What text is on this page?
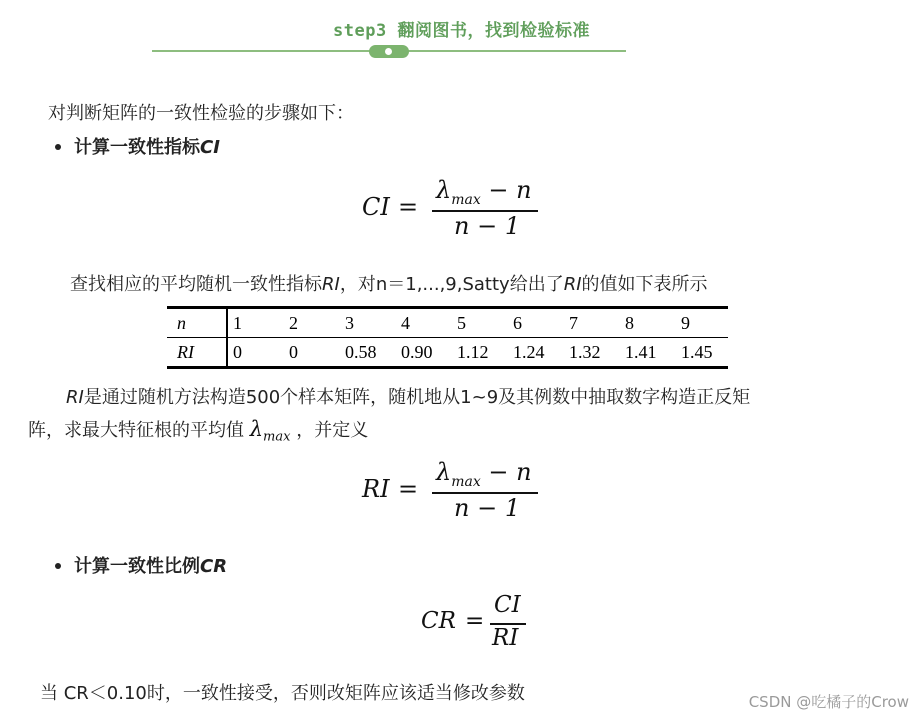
step3 翻阅图书，找到检验标准
对判断矩阵的一致性检验的步骤如下：
计算一致性指标CI
CI =
$\lambda_{max} - n$
n − 1
查找相应的平均随机一致性指标RI，对n＝1,...,9,Satty给出了RI的值如下表所示
n	1	2	3	4	5	6	7	8	9
RI	0	0	0.58	0.90	1.12	1.24	1.32	1.41	1.45
RI是通过随机方法构造500个样本矩阵，随机地从1~9及其例数中抽取数字构造正反矩
阵，求最大特征根的平均值 $\lambda_{max}$ ，并定义
RI =
$\lambda_{max} - n$
n − 1
计算一致性比例CR
CR =
CI
RI
当 CR＜0.10时，一致性接受，否则改矩阵应该适当修改参数	CSDN @吃橘子的Crow
